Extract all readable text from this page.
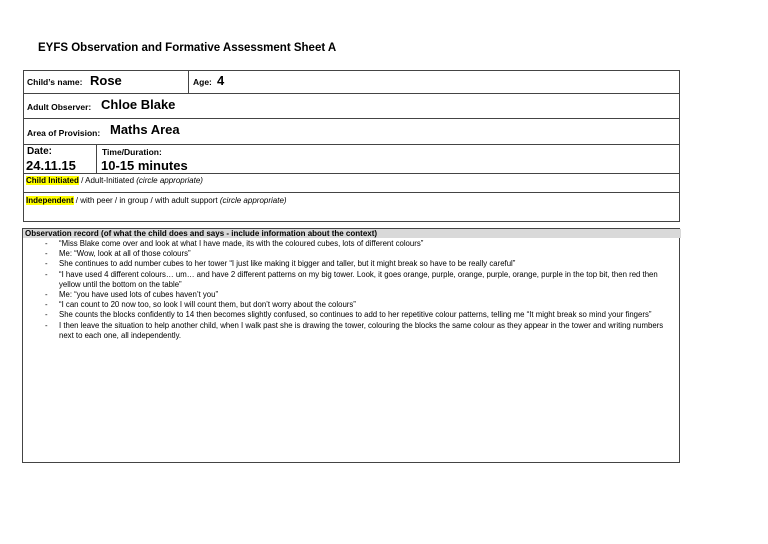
EYFS Observation and Formative Assessment Sheet A
Child’s name: Rose	Age: 4
Adult Observer: Chloe Blake
Area of Provision: Maths Area
Date:
24.11.15
Time/Duration:
10-15 minutes
Child Initiated / Adult-Initiated (circle appropriate)
Independent / with peer / in group / with adult support (circle appropriate)
Observation record (of what the child does and says - include information about the context)
- “Miss Blake come over and look at what I have made, its with the coloured cubes, lots of different colours”
- Me: “Wow, look at all of those colours”
- She continues to add number cubes to her tower “I just like making it bigger and taller, but it might break so have to be really careful”
- “I have used 4 different colours… um… and have 2 different patterns on my big tower. Look, it goes orange, purple, orange, purple, orange, purple in the top bit, then red then yellow until the bottom on the table”
- Me: “you have used lots of cubes haven’t you”
- “I can count to 20 now too, so look I will count them, but don’t worry about the colours”
- She counts the blocks confidently to 14 then becomes slightly confused, so continues to add to her repetitive colour patterns, telling me “It might break so mind your fingers”
- I then leave the situation to help another child, when I walk past she is drawing the tower, colouring the blocks the same colour as they appear in the tower and writing numbers next to each one, all independently.
